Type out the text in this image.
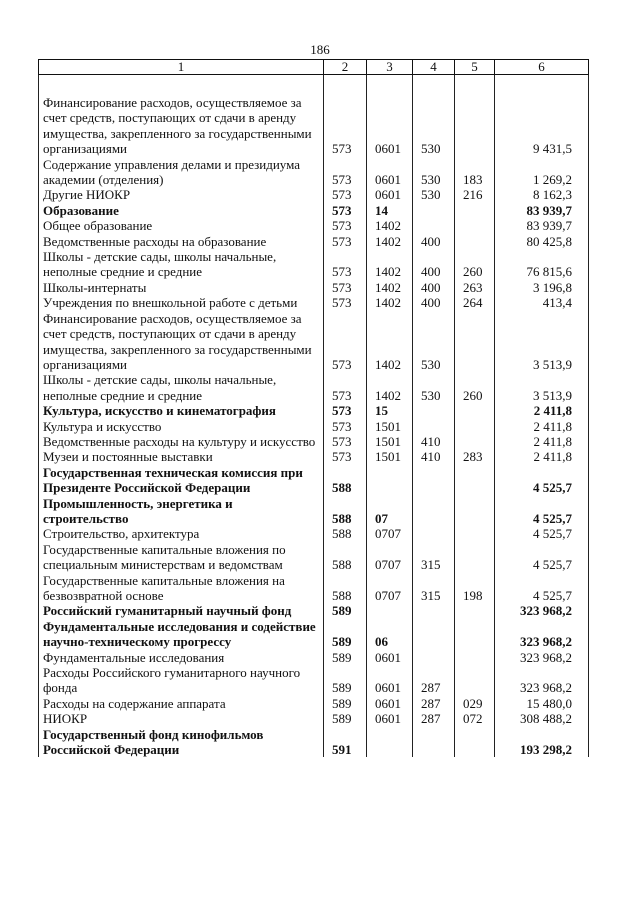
186
1	2	3	4	5	6

Финансирование расходов, осуществляемое за счет средств, поступающих от сдачи в аренду имущества, закрепленного за государственными организациями	573	0601	530		9 431,5
Содержание управления делами и президиума академии (отделения)	573	0601	530	183	1 269,2
Другие НИОКР	573	0601	530	216	8 162,3
Образование	573	14			83 939,7
Общее образование	573	1402			83 939,7
Ведомственные расходы на образование	573	1402	400		80 425,8
Школы - детские сады, школы начальные, неполные средние и средние	573	1402	400	260	76 815,6
Школы-интернаты	573	1402	400	263	3 196,8
Учреждения по внешкольной работе с детьми	573	1402	400	264	413,4
Финансирование расходов, осуществляемое за счет средств, поступающих от сдачи в аренду имущества, закрепленного за государственными организациями	573	1402	530		3 513,9
Школы - детские сады, школы начальные, неполные средние и средние	573	1402	530	260	3 513,9
Культура, искусство и кинематография	573	15			2 411,8
Культура и искусство	573	1501			2 411,8
Ведомственные расходы на культуру и искусство	573	1501	410		2 411,8
Музеи и постоянные выставки	573	1501	410	283	2 411,8
Государственная техническая комиссия при Президенте Российской Федерации	588				4 525,7
Промышленность, энергетика и строительство	588	07			4 525,7
Строительство, архитектура	588	0707			4 525,7
Государственные капитальные вложения по специальным министерствам и ведомствам	588	0707	315		4 525,7
Государственные капитальные вложения на безвозвратной основе	588	0707	315	198	4 525,7
Российский гуманитарный научный фонд	589				323 968,2
Фундаментальные исследования и содействие научно-техническому прогрессу	589	06			323 968,2
Фундаментальные исследования	589	0601			323 968,2
Расходы Российского гуманитарного научного фонда	589	0601	287		323 968,2
Расходы на содержание аппарата	589	0601	287	029	15 480,0
НИОКР	589	0601	287	072	308 488,2
Государственный фонд кинофильмов Российской Федерации	591				193 298,2
